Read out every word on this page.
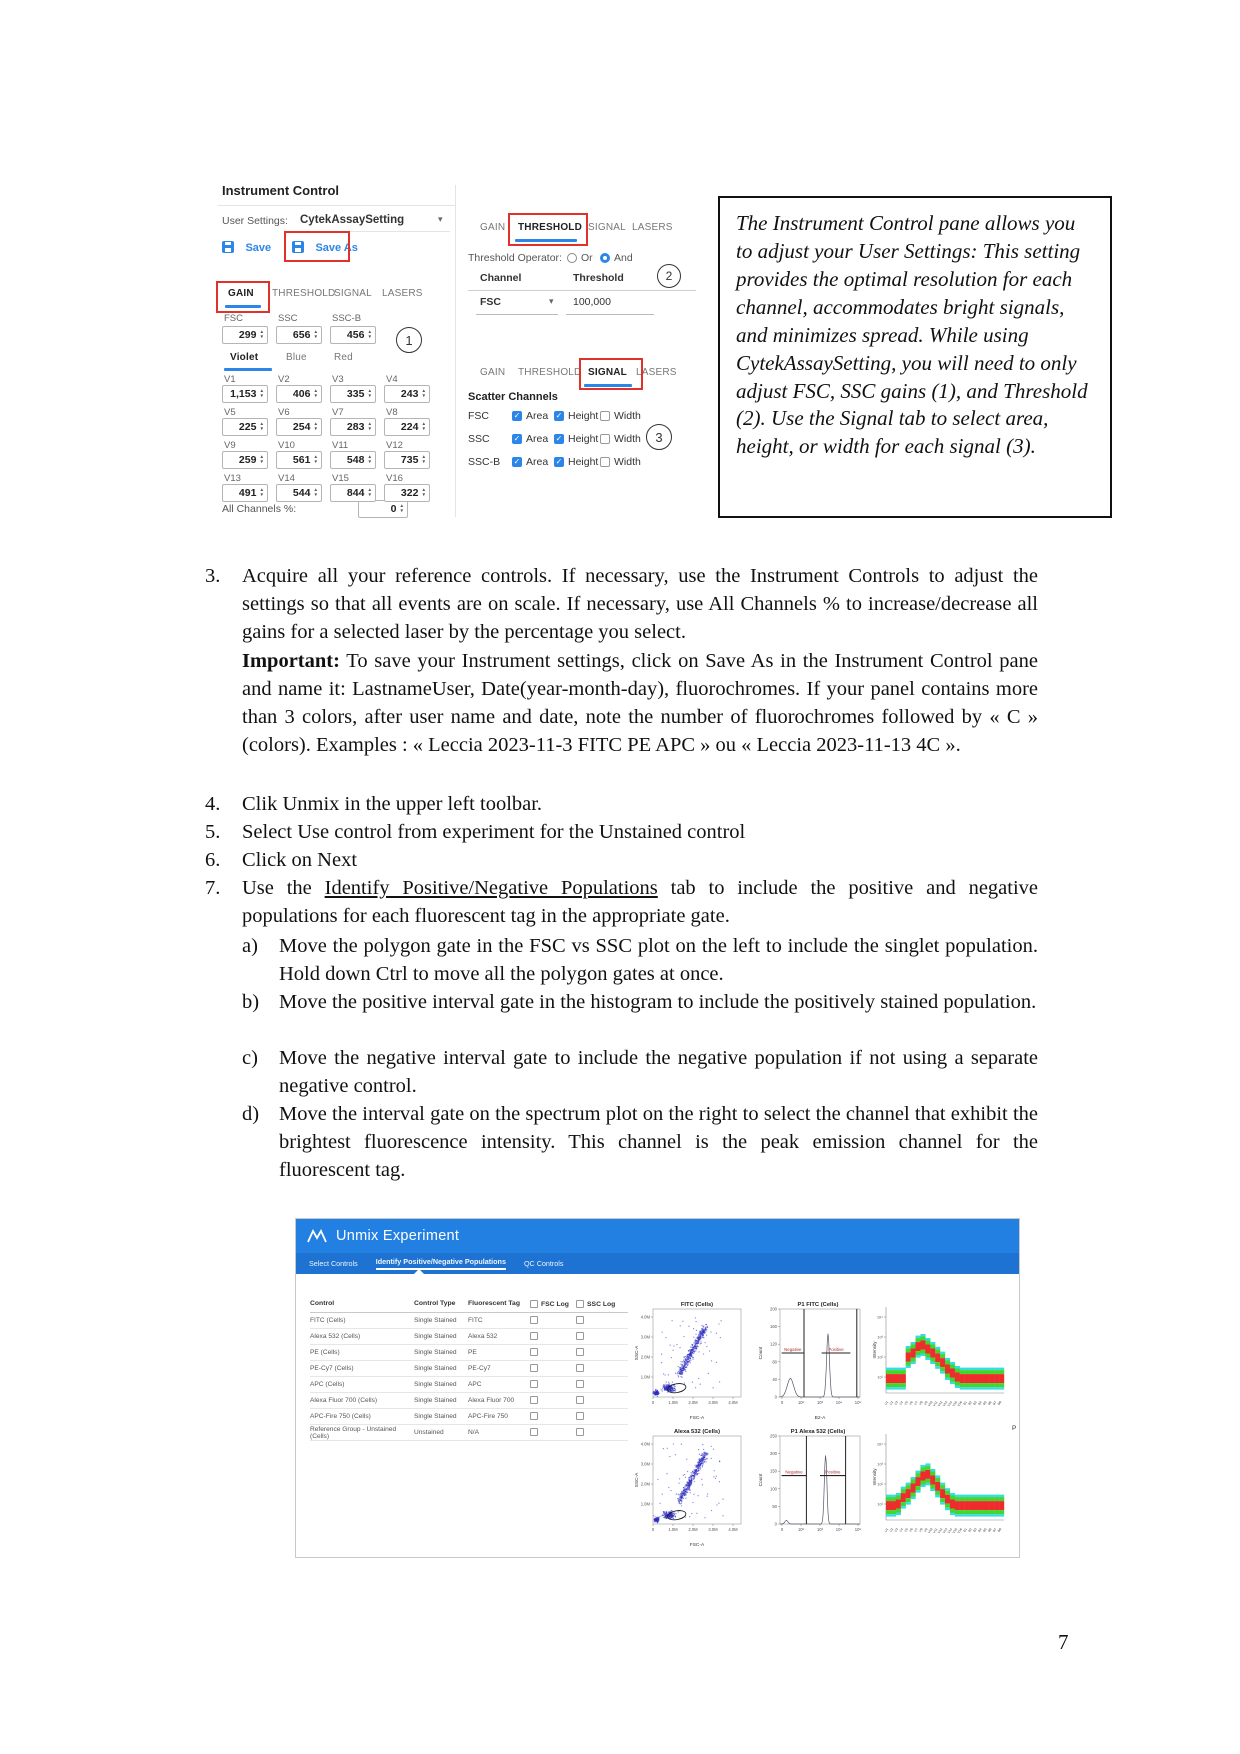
Instrument Control
User Settings: CytekAssaySetting	▾
Save	Save As
GAIN THRESHOLD
SIGNAL LASERS
1
Violet	Blue	Red
All Channels %:	0 ▲
▼
GAIN THRESHOLD SIGNAL LASERS
Threshold Operator: Or And
Channel	Threshold	2
FSC	▾ 100,000
GAIN THRESHOLD SIGNAL LASERS
Scatter Channels
3
The Instrument Control pane allows you to adjust your User Settings: This setting provides the optimal resolution for each channel, accommodates bright signals, and minimizes spread. While using CytekAssaySetting, you will need to only adjust FSC, SSC gains (1), and Threshold (2). Use the Signal tab to select area, height, or width for each signal (3).
3.	Acquire all your reference controls. If necessary, use the Instrument Controls to adjust the settings so that all events are on scale. If necessary, use All Channels % to increase/decrease all gains for a selected laser by the percentage you select.
Important: To save your Instrument settings, click on Save As in the Instrument Control pane and name it: LastnameUser, Date(year-month-day), fluorochromes. If your panel contains more than 3 colors, after user name and date, note the number of fluorochromes followed by « C » (colors). Examples : « Leccia 2023-11-3 FITC PE APC » ou « Leccia 2023-11-13 4C ».
4.	Clik Unmix in the upper left toolbar.
5.	Select Use control from experiment for the Unstained control
6.	Click on Next
7.	Use the Identify Positive/Negative Populations tab to include the positive and negative populations for each fluorescent tag in the appropriate gate.
a)	Move the polygon gate in the FSC vs SSC plot on the left to include the singlet population. Hold down Ctrl to move all the polygon gates at once.
b) Move the positive interval gate in the histogram to include the positively stained population.
c)	Move the negative interval gate to include the negative population if not using a separate negative control.
d) Move the interval gate on the spectrum plot on the right to select the channel that exhibit the brightest fluorescence intensity. This channel is the peak emission channel for the fluorescent tag.
Unmix Experiment
Select Controls	Identify Positive/Negative Populations	QC Controls
Control	Control Type	Fluorescent Tag	FSC Log	SSC Log
FITC (Cells)	Single Stained	FITC
Alexa 532 (Cells)	Single Stained	Alexa 532
PE (Cells)	Single Stained	PE
PE-Cy7 (Cells)	Single Stained	PE-Cy7
APC (Cells)	Single Stained	APC
Alexa Fluor 700 (Cells)	Single Stained	Alexa Fluor 700
APC-Fire 750 (Cells)	Single Stained	APC-Fire 750
Reference Group - Unstained (Cells)	Unstained	N/A
FITC (Cells)
0	1.0M	2.0M	3.0M	4.0M
1.0M
2.0M
3.0M
4.0M
FSC-A
SSC-A
P1 FITC (Cells)
0
40
80
120
160
200
0	10²	10³	10⁴	10⁵
B2-A
Count	Negative	Positive
10⁴
10³
10²
10¹
Intensity
V1 V2 V3 V4 V5 V6 V7 V8 V9
V10
V11
V12
V13
V14
V15
V16 B1 B2 B3 B4 B5 B6 B7 B8
Alexa 532 (Cells)
0	1.0M	2.0M	3.0M	4.0M
1.0M
2.0M
3.0M
4.0M
FSC-A
SSC-A
P1 Alexa 532 (Cells)
0
50
100
150
200
250
0	10²	10³	10⁴	10⁵
Count
Negative	Positive
10⁴
10³
10²
10¹
Intensity
V1 V2 V3 V4 V5 V6 V7 V8 V9
V10
V11
V12
V13
V14
V15
V16 B1 B2 B3 B4 B5 B6 B7 B8
P
7
FSC
299 ▲
▼
SSC
656 ▲
▼
SSC-B
456 ▲
▼
V1
1,153 ▲
▼
V2
406 ▲
▼
V3
335 ▲
▼
V4
243 ▲
▼
V5
225 ▲
▼
V6
254 ▲
▼
V7
283 ▲
▼
V8
224 ▲
▼
V9
259 ▲
▼
V10
561 ▲
▼
V11
548 ▲
▼
V12
735 ▲
▼
V13
491 ▲
▼
V14
544 ▲
▼
V15
844 ▲
▼
V16
322 ▲
▼
FSC	✓ Area ✓ Height Width
SSC	✓ Area ✓ Height Width
SSC-B ✓ Area ✓ Height Width
